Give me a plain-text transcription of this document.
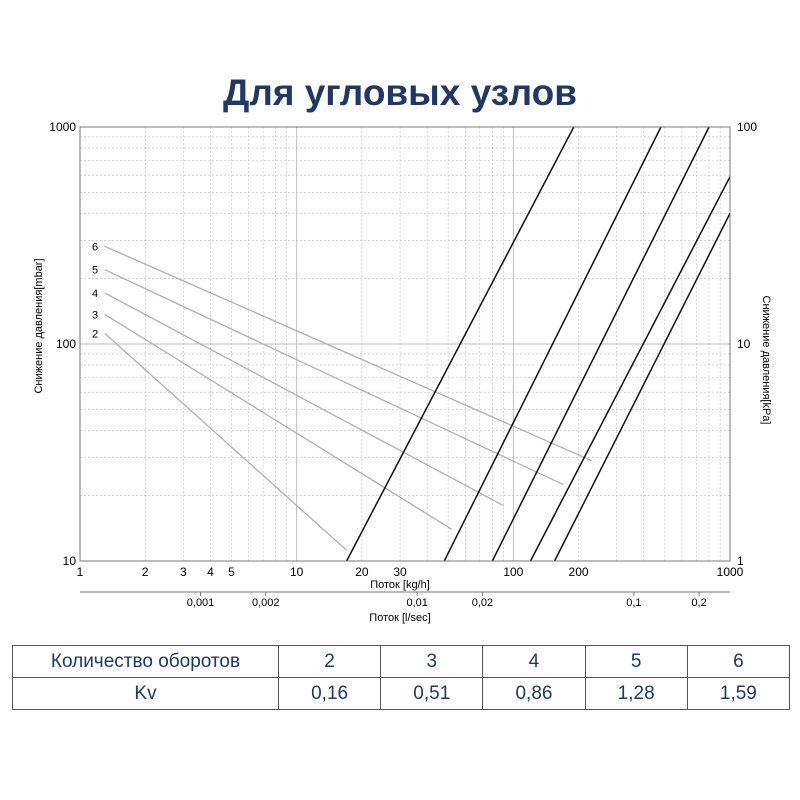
Для угловых узлов
2
3
4
5
6
1	2	3 4 5	10	20 30	100	200	1000
0,001	0,002	0,01	0,02	0,1	0,2
10
100
1000
1
10
100
Поток [kg/h]
Поток [l/sec]
Снижение давления[mbar]	Снижение давления[kPa]
Количество оборотов	2	3	4	5	6
Kv	0,16	0,51	0,86	1,28	1,59
